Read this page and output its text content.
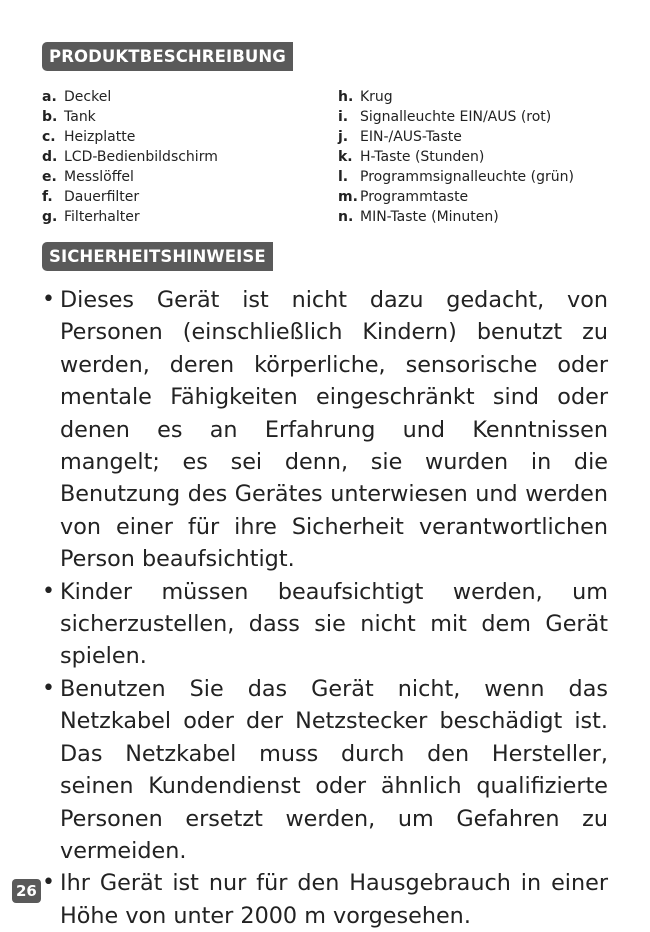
PRODUKTBESCHREIBUNG
a. Deckel
b. Tank
c. Heizplatte
d. LCD-Bedienbildschirm
e. Messlöffel
f. Dauerfilter
g. Filterhalter
h. Krug
i. Signalleuchte EIN/AUS (rot)
j. EIN-/AUS-Taste
k. H-Taste (Stunden)
l. Programmsignalleuchte (grün)
m. Programmtaste
n. MIN-Taste (Minuten)
SICHERHEITSHINWEISE
• Dieses Gerät ist nicht dazu gedacht, von Personen (einschließlich Kindern) benutzt zu werden, deren körperliche, sensorische oder mentale Fähigkeiten eingeschränkt sind oder denen es an Erfahrung und Kenntnissen mangelt; es sei denn, sie wurden in die Benutzung des Gerätes unterwiesen und werden von einer für ihre Sicherheit verantwortlichen Person beaufsichtigt.
• Kinder müssen beaufsichtigt werden, um sicherzustellen, dass sie nicht mit dem Gerät spielen.
• Benutzen Sie das Gerät nicht, wenn das Netzkabel oder der Netzstecker beschädigt ist. Das Netzkabel muss durch den Hersteller, seinen Kundendienst oder ähnlich qualifizierte Personen ersetzt werden, um Gefahren zu vermeiden.
• Ihr Gerät ist nur für den Hausgebrauch in einer Höhe von unter 2000 m vorgesehen.
26
